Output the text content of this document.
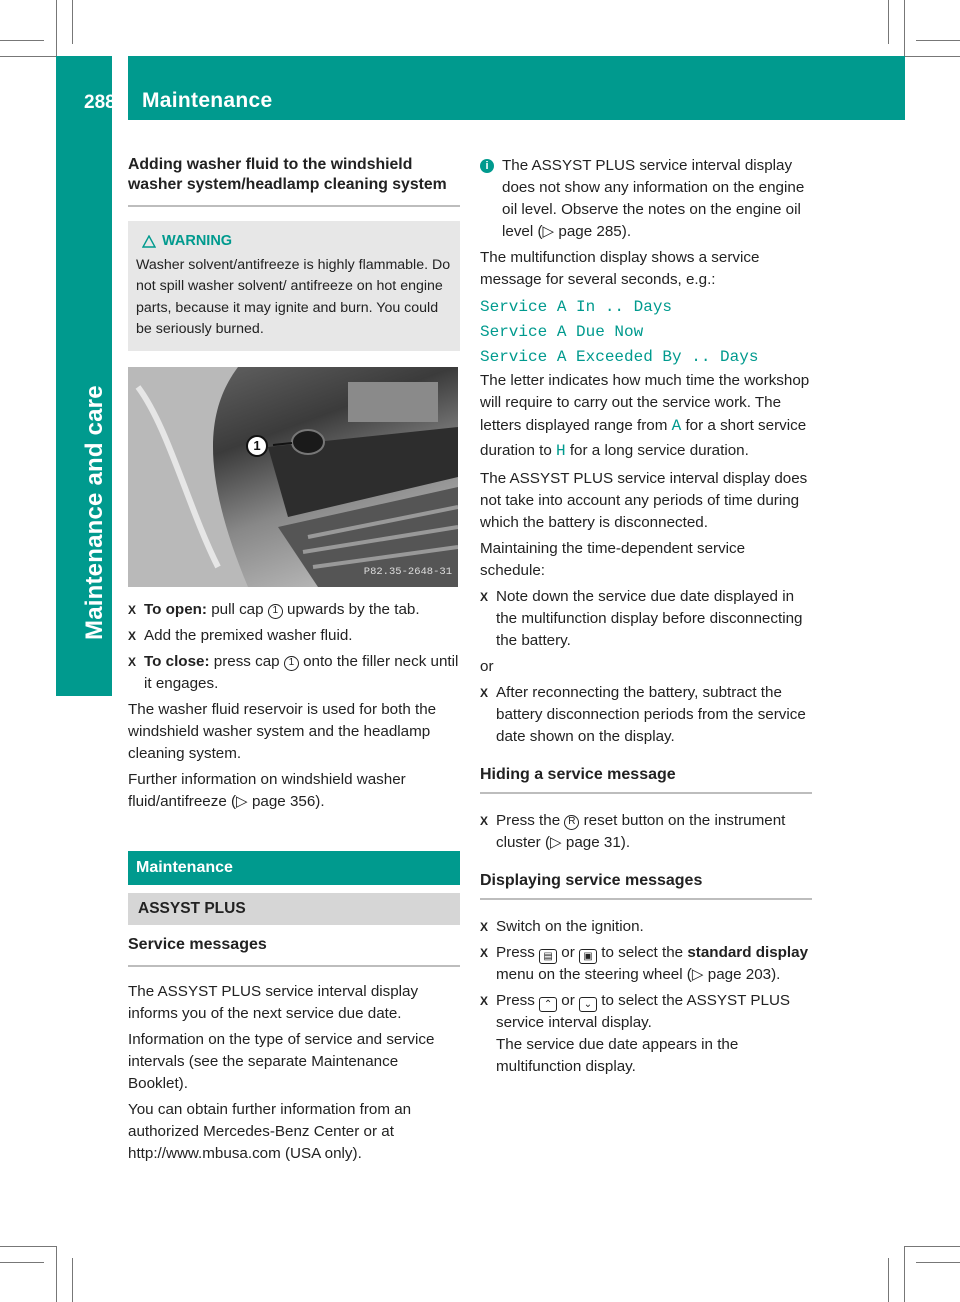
288 Maintenance
Maintenance and care
Adding washer fluid to the windshield washer system/headlamp cleaning system
WARNING
Washer solvent/antifreeze is highly flammable. Do not spill washer solvent/ antifreeze on hot engine parts, because it may ignite and burn. You could be seriously burned.
1
P82.35-2648-31
X To open: pull cap 1 upwards by the tab.
X Add the premixed washer fluid.
X To close: press cap 1 onto the filler neck until it engages.
The washer fluid reservoir is used for both the windshield washer system and the headlamp cleaning system.
Further information on windshield washer fluid/antifreeze (▷ page 356).
Maintenance
ASSYST PLUS
Service messages
The ASSYST PLUS service interval display informs you of the next service due date.
Information on the type of service and service intervals (see the separate Maintenance Booklet).
You can obtain further information from an authorized Mercedes-Benz Center or at http://www.mbusa.com (USA only).
i The ASSYST PLUS service interval display does not show any information on the engine oil level. Observe the notes on the engine oil level (▷ page 285).
The multifunction display shows a service message for several seconds, e.g.:
Service A In .. Days
Service A Due Now
Service A Exceeded By .. Days
The letter indicates how much time the workshop will require to carry out the service work. The letters displayed range from A for a short service duration to H for a long service duration.
The ASSYST PLUS service interval display does not take into account any periods of time during which the battery is disconnected.
Maintaining the time-dependent service schedule:
X Note down the service due date displayed in the multifunction display before disconnecting the battery.
or
X After reconnecting the battery, subtract the battery disconnection periods from the service date shown on the display.
Hiding a service message
X Press the R reset button on the instrument cluster (▷ page 31).
Displaying service messages
X Switch on the ignition.
X Press ▤ or ▣ to select the standard display menu on the steering wheel (▷ page 203).
X Press ⌃ or ⌄ to select the ASSYST PLUS service interval display.
The service due date appears in the multifunction display.
